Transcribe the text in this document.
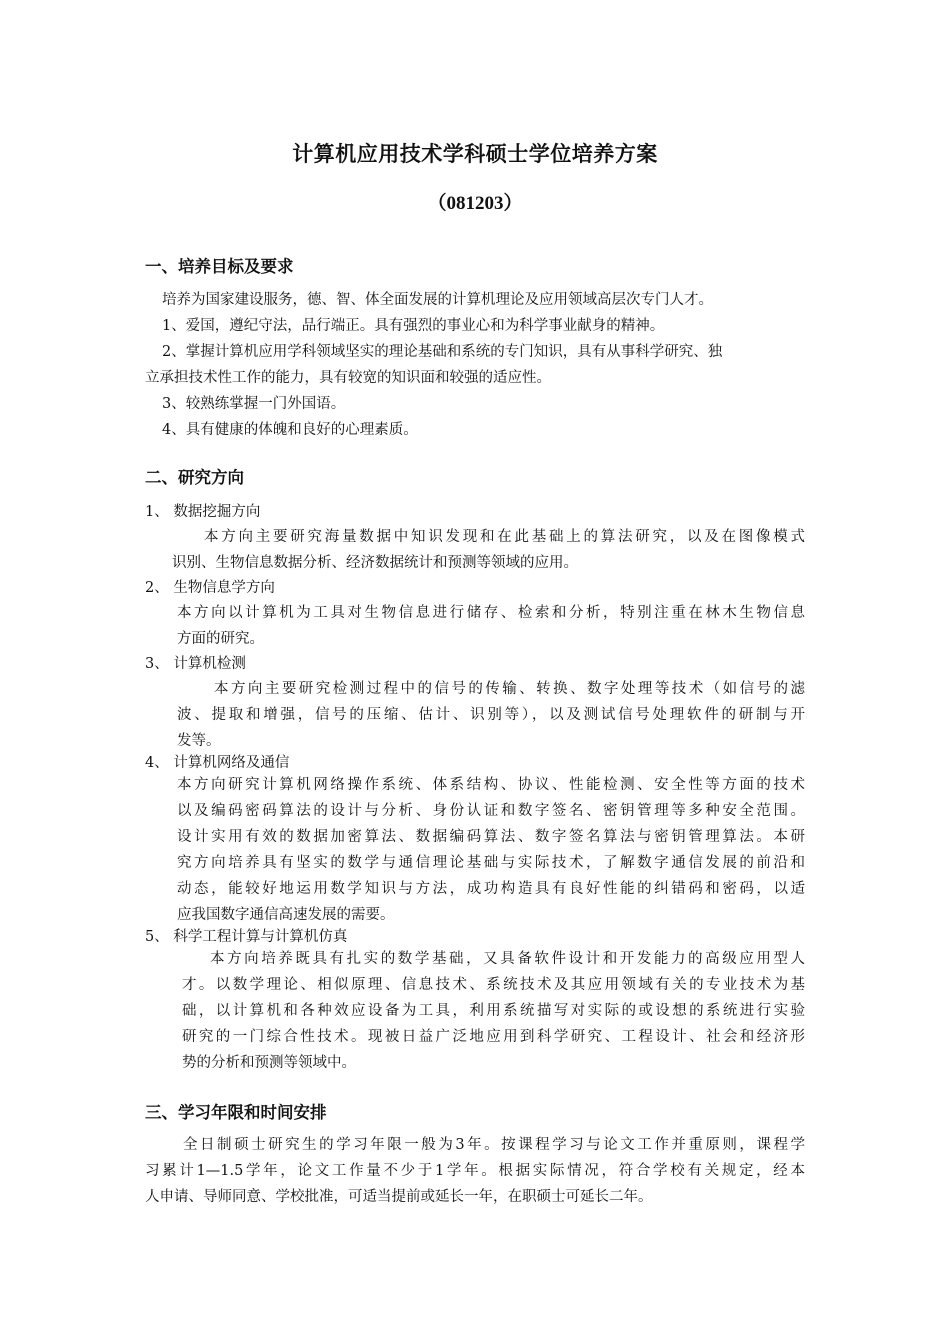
计算机应用技术学科硕士学位培养方案
（081203）
一、培养目标及要求
培养为国家建设服务，德、智、体全面发展的计算机理论及应用领域高层次专门人才。
1、爱国，遵纪守法，品行端正。具有强烈的事业心和为科学事业献身的精神。
2、掌握计算机应用学科领域坚实的理论基础和系统的专门知识，具有从事科学研究、独
立承担技术性工作的能力，具有较宽的知识面和较强的适应性。
3、较熟练掌握一门外国语。
4、具有健康的体魄和良好的心理素质。
二、研究方向
1、 数据挖掘方向
本方向主要研究海量数据中知识发现和在此基础上的算法研究，以及在图像模式
识别、生物信息数据分析、经济数据统计和预测等领域的应用。
2、 生物信息学方向
本方向以计算机为工具对生物信息进行储存、检索和分析，特别注重在林木生物信息
方面的研究。
3、 计算机检测
本方向主要研究检测过程中的信号的传输、转换、数字处理等技术（如信号的滤
波、提取和增强，信号的压缩、估计、识别等），以及测试信号处理软件的研制与开
发等。
4、 计算机网络及通信
本方向研究计算机网络操作系统、体系结构、协议、性能检测、安全性等方面的技术
以及编码密码算法的设计与分析、身份认证和数字签名、密钥管理等多种安全范围。
设计实用有效的数据加密算法、数据编码算法、数字签名算法与密钥管理算法。本研
究方向培养具有坚实的数学与通信理论基础与实际技术，了解数字通信发展的前沿和
动态，能较好地运用数学知识与方法，成功构造具有良好性能的纠错码和密码，以适
应我国数字通信高速发展的需要。
5、 科学工程计算与计算机仿真
本方向培养既具有扎实的数学基础，又具备软件设计和开发能力的高级应用型人
才。以数学理论、相似原理、信息技术、系统技术及其应用领域有关的专业技术为基
础，以计算机和各种效应设备为工具，利用系统描写对实际的或设想的系统进行实验
研究的一门综合性技术。现被日益广泛地应用到科学研究、工程设计、社会和经济形
势的分析和预测等领域中。
三、学习年限和时间安排
全日制硕士研究生的学习年限一般为3年。按课程学习与论文工作并重原则，课程学
习累计1—1.5学年，论文工作量不少于1学年。根据实际情况，符合学校有关规定，经本
人申请、导师同意、学校批准，可适当提前或延长一年，在职硕士可延长二年。
